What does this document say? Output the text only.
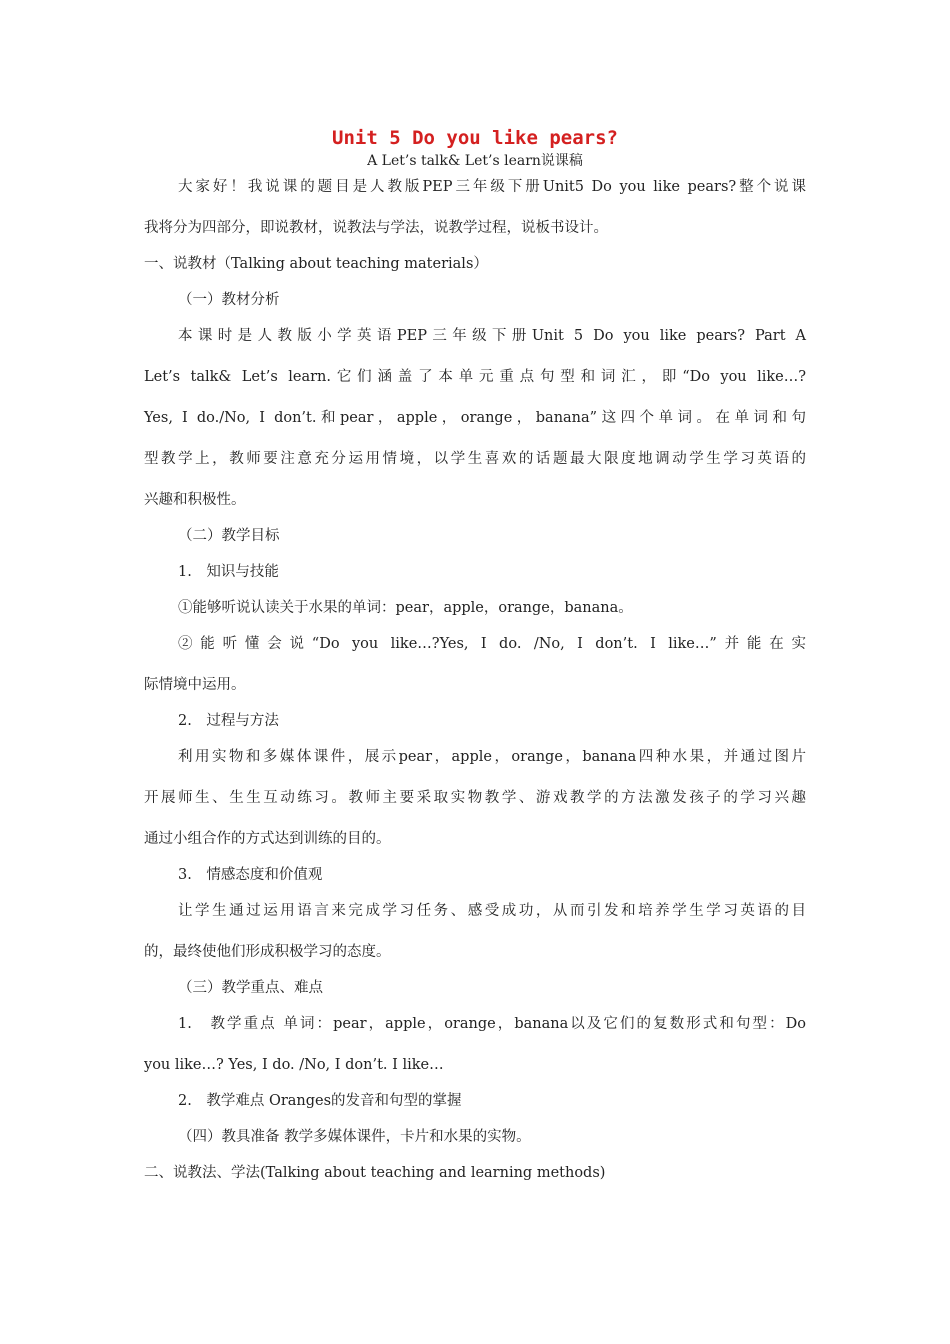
Unit 5 Do you like pears?
A Let’s talk& Let’s learn说课稿
大家好！我说课的题目是人教版PEP三年级下册Unit5 Do you like pears?整个说课
我将分为四部分，即说教材，说教法与学法，说教学过程，说板书设计。
一、说教材（Talking about teaching materials）
（一）教材分析
本课时是人教版小学英语PEP三年级下册Unit 5 Do you like pears? Part A
Let’s talk& Let’s learn.它们涵盖了本单元重点句型和词汇，即“Do you like…?
Yes, I do./No, I don’t.和pear，apple，orange，banana”这四个单词。在单词和句
型教学上，教师要注意充分运用情境，以学生喜欢的话题最大限度地调动学生学习英语的
兴趣和积极性。
（二）教学目标
1.　知识与技能
①能够听说认读关于水果的单词：pear，apple，orange，banana。
②能听懂会说“Do you like…?Yes, I do. /No, I don’t. I like…”并能在实
际情境中运用。
2.　过程与方法
利用实物和多媒体课件，展示pear，apple，orange，banana四种水果，并通过图片
开展师生、生生互动练习。教师主要采取实物教学、游戏教学的方法激发孩子的学习兴趣
通过小组合作的方式达到训练的目的。
3.　情感态度和价值观
让学生通过运用语言来完成学习任务、感受成功，从而引发和培养学生学习英语的目
的，最终使他们形成积极学习的态度。
（三）教学重点、难点
1.　教学重点 单词：pear，apple，orange，banana以及它们的复数形式和句型：Do
you like…? Yes, I do. /No, I don’t. I like…
2.　教学难点 Oranges的发音和句型的掌握
（四）教具准备 教学多媒体课件，卡片和水果的实物。
二、说教法、学法(Talking about teaching and learning methods)
